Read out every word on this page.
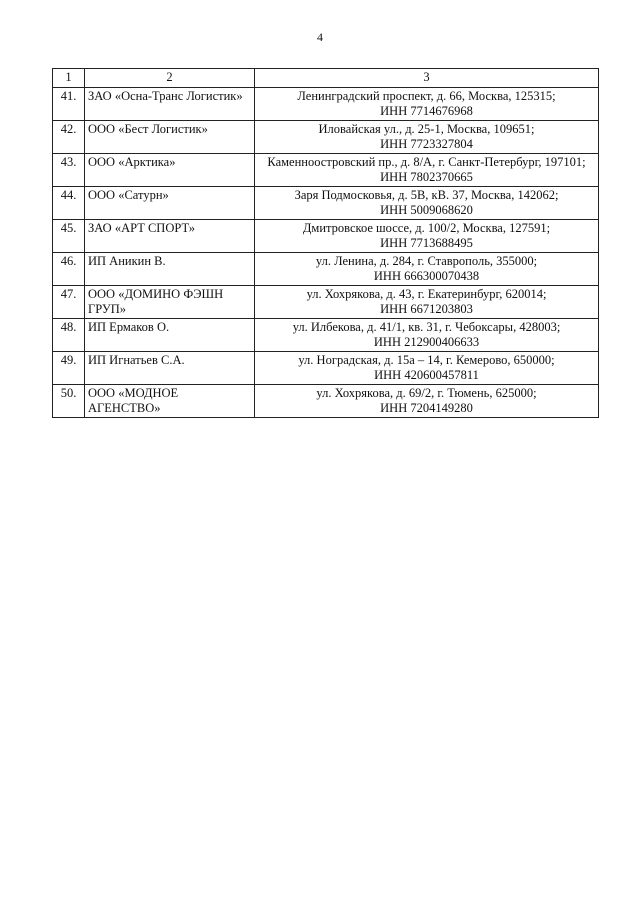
4
1	2	3
41.	ЗАО «Осна-Транс Логистик»	Ленинградский проспект, д. 66, Москва, 125315;
ИНН 7714676968

42.	ООО «Бест Логистик»	Иловайская ул., д. 25-1, Москва, 109651;
ИНН 7723327804

43.	ООО «Арктика»	Каменноостровский пр., д. 8/А, г. Санкт-Петербург, 197101;
ИНН 7802370665

44.	ООО «Сатурн»	Заря Подмосковья, д. 5В, кВ. 37, Москва, 142062;
ИНН 5009068620

45.	ЗАО «АРТ СПОРТ»	Дмитровское шоссе, д. 100/2, Москва, 127591;
ИНН 7713688495

46.	ИП Аникин В.	ул. Ленина, д. 284, г. Ставрополь, 355000;
ИНН 666300070438

47.	ООО «ДОМИНО ФЭШН ГРУП»	ул. Хохрякова, д. 43, г. Екатеринбург, 620014;
ИНН 6671203803

48.	ИП Ермаков О.	ул. Илбекова, д. 41/1, кв. 31, г. Чебоксары, 428003;
ИНН 212900406633

49.	ИП Игнатьев С.А.	ул. Ноградская, д. 15а – 14, г. Кемерово, 650000;
ИНН 420600457811

50.	ООО «МОДНОЕ АГЕНСТВО»	ул. Хохрякова, д. 69/2, г. Тюмень, 625000;
ИНН 7204149280
